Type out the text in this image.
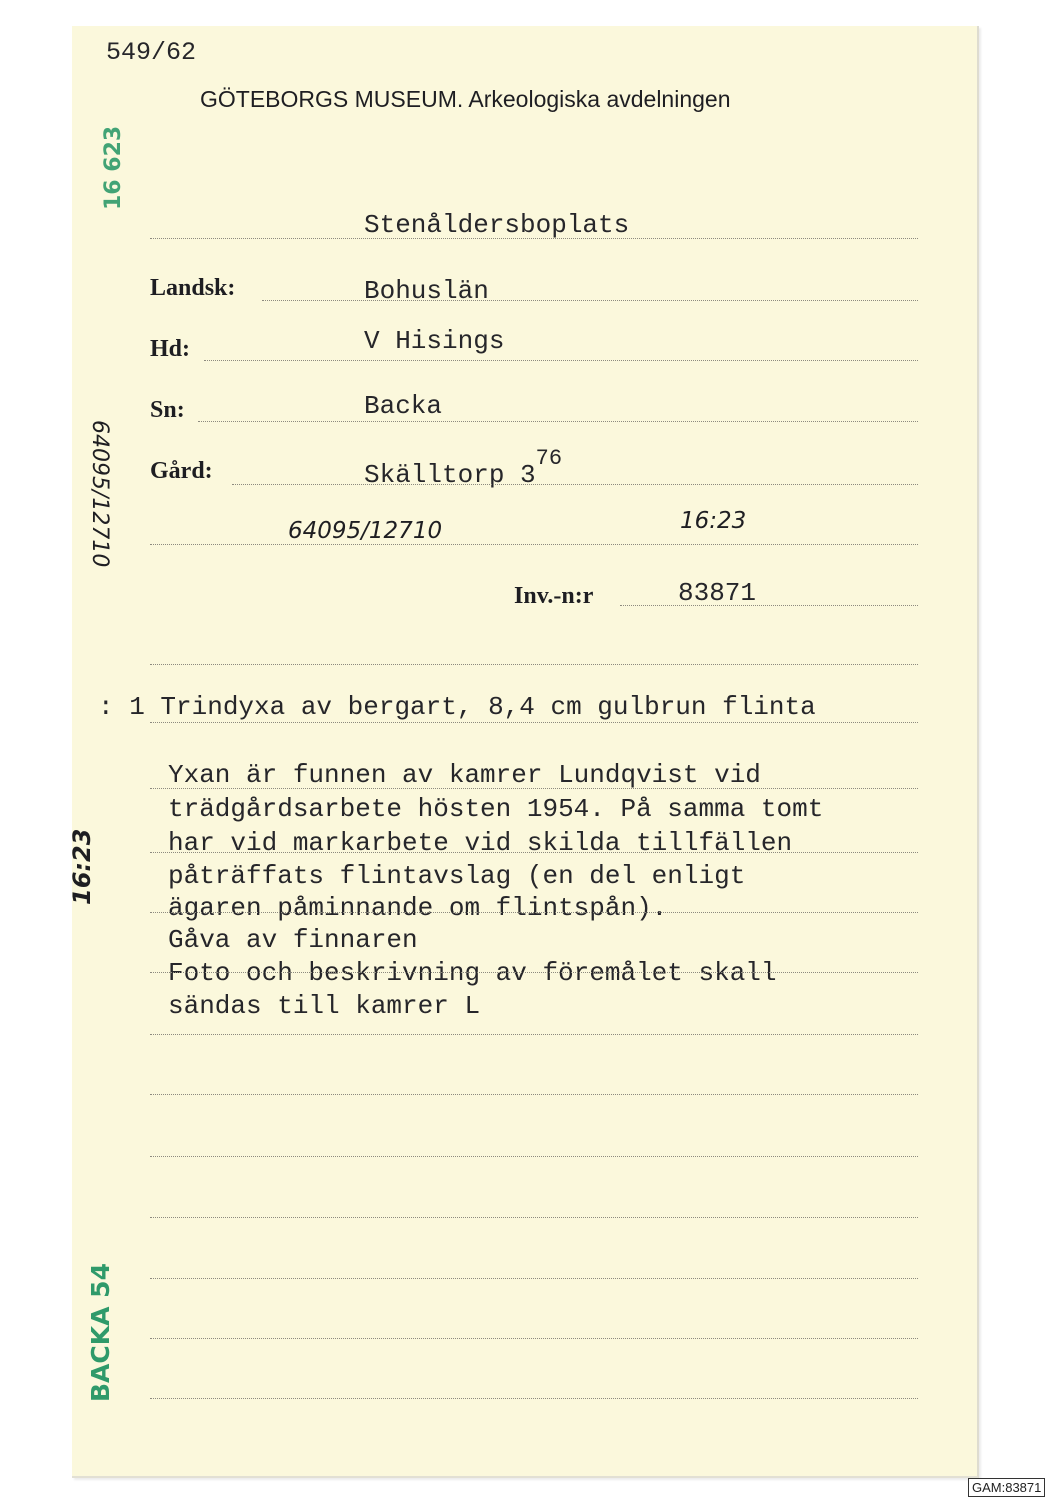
549/62
GÖTEBORGS MUSEUM. Arkeologiska avdelningen
Stenåldersboplats
Landsk:	Bohuslän
Hd:	V Hisings
Sn:	Backa
Gård:	Skälltorp $3^{76}$
64095/12710	16:23
Inv.-n:r	83871
: 1 Trindyxa av bergart, 8,4 cm gulbrun flinta
Yxan är funnen av kamrer Lundqvist vid
trädgårdsarbete hösten 1954. På samma tomt
har vid markarbete vid skilda tillfällen
påträffats flintavslag (en del enligt
ägaren påminnande om flintspån).
Gåva av finnaren
Foto och beskrivning av föremålet skall
sändas till kamrer L
16 623
64095/12710
16:23
BACKA 54
GAM:83871
